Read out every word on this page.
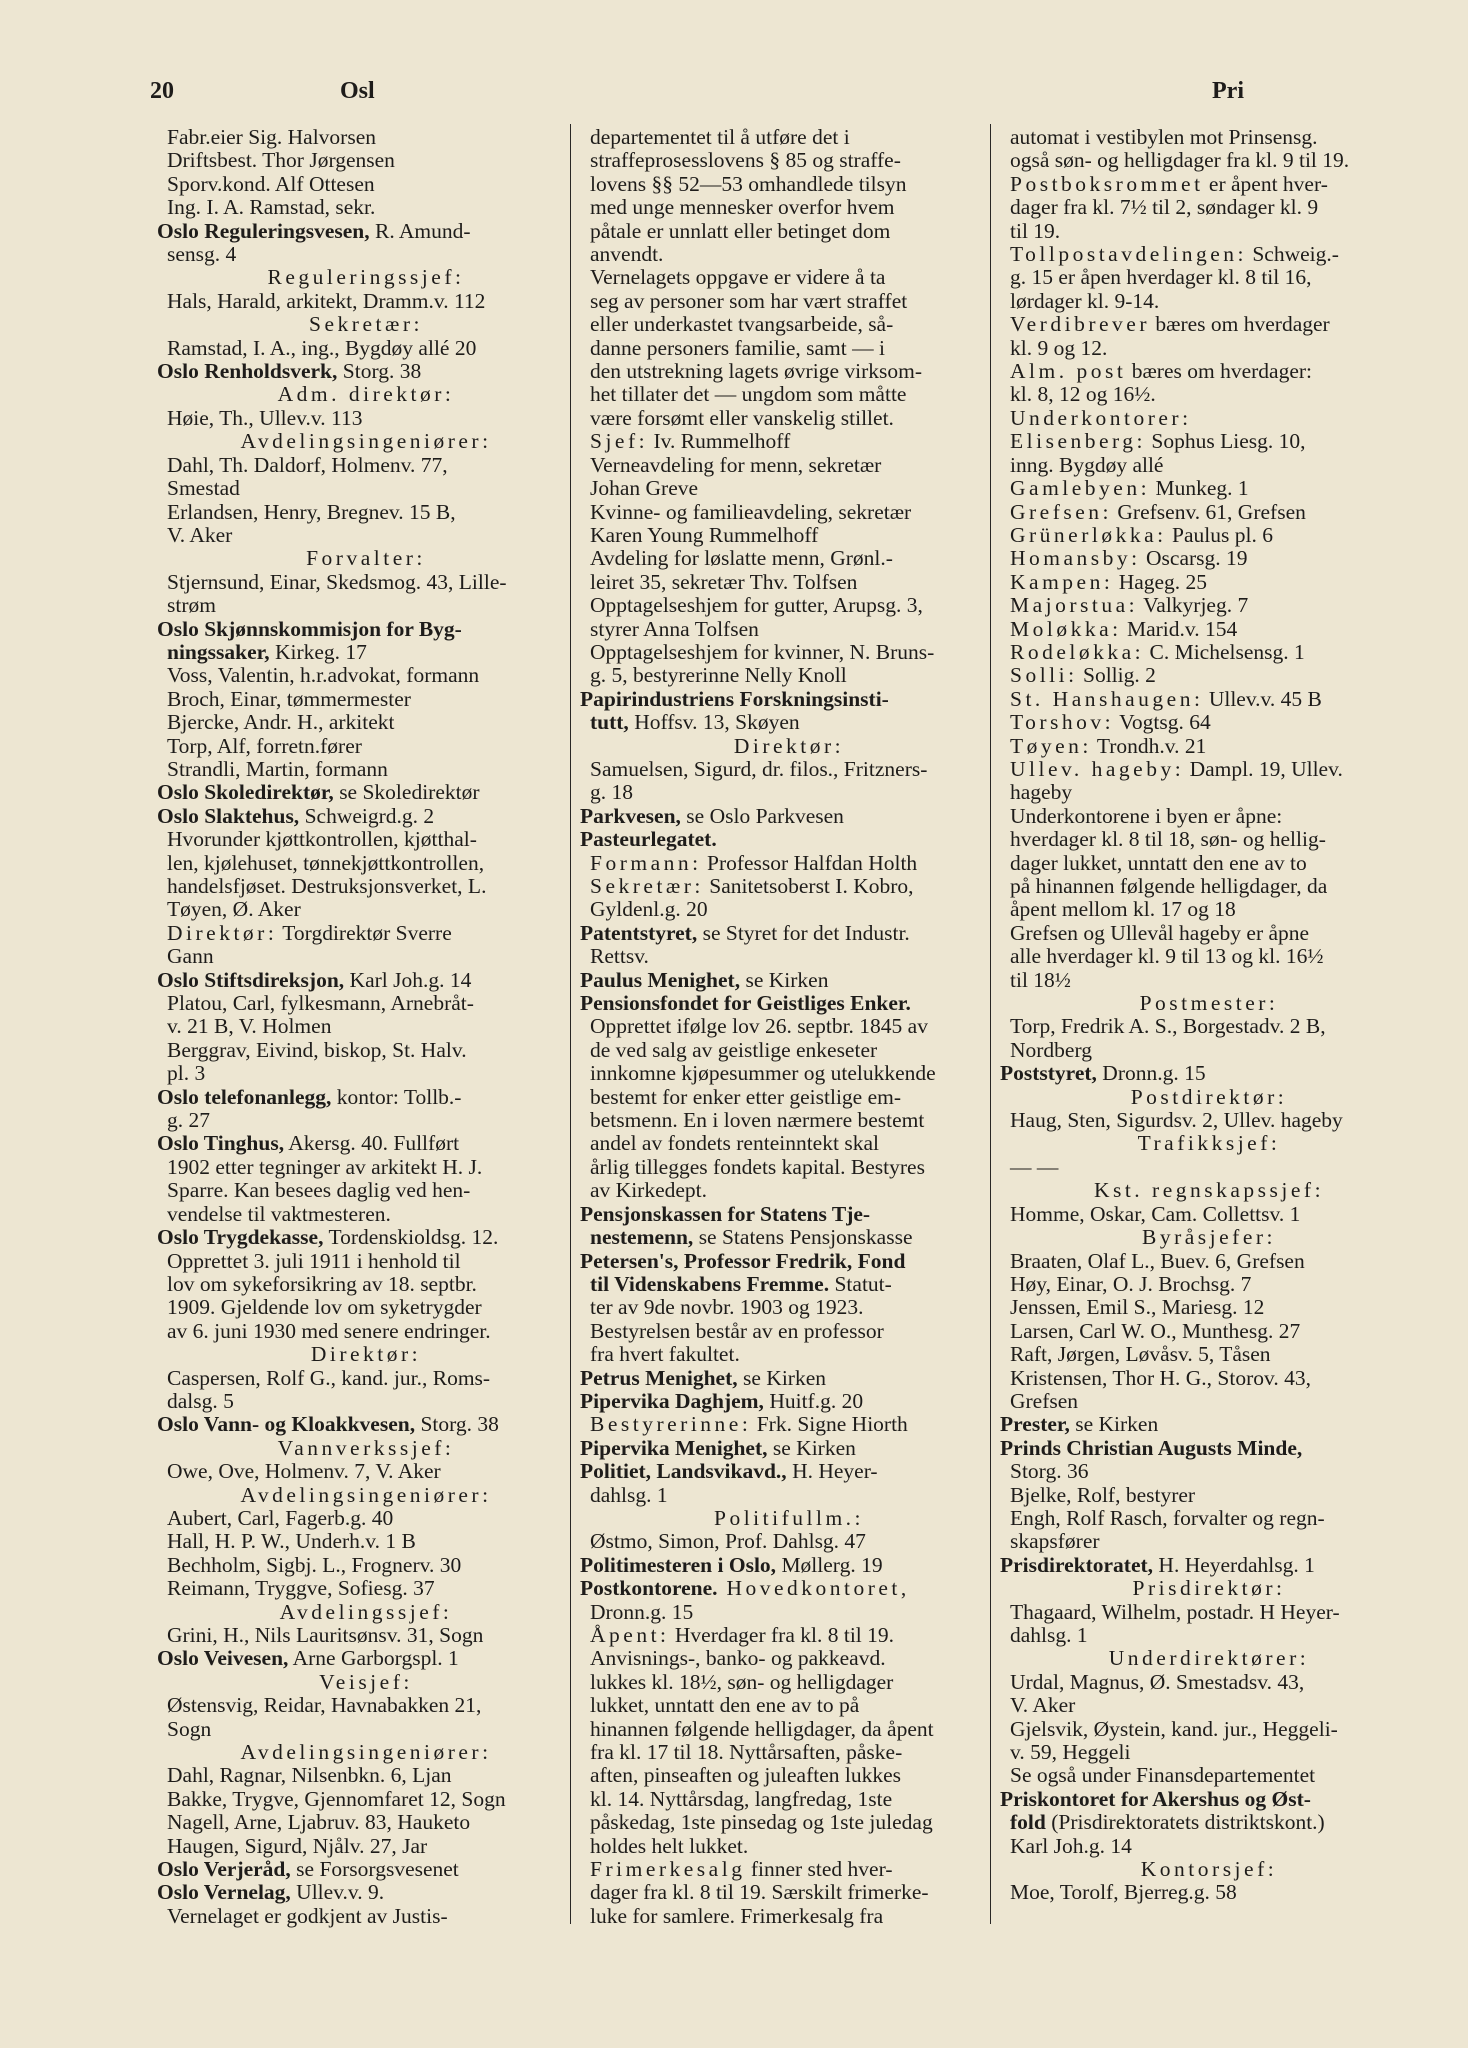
20	Osl	Pri
Fabr.eier Sig. Halvorsen
Driftsbest. Thor Jørgensen
Sporv.kond. Alf Ottesen
Ing. I. A. Ramstad, sekr.
Oslo Reguleringsvesen, R. Amund-
sensg. 4
Reguleringssjef:
Hals, Harald, arkitekt, Dramm.v. 112
Sekretær:
Ramstad, I. A., ing., Bygdøy allé 20
Oslo Renholdsverk, Storg. 38
Adm. direktør:
Høie, Th., Ullev.v. 113
Avdelingsingeniører:
Dahl, Th. Daldorf, Holmenv. 77,
Smestad
Erlandsen, Henry, Bregnev. 15 B,
V. Aker
Forvalter:
Stjernsund, Einar, Skedsmog. 43, Lille-
strøm
Oslo Skjønnskommisjon for Byg-
ningssaker, Kirkeg. 17
Voss, Valentin, h.r.advokat, formann
Broch, Einar, tømmermester
Bjercke, Andr. H., arkitekt
Torp, Alf, forretn.fører
Strandli, Martin, formann
Oslo Skoledirektør, se Skoledirektør
Oslo Slaktehus, Schweigrd.g. 2
Hvorunder kjøttkontrollen, kjøtthal-
len, kjølehuset, tønnekjøttkontrollen,
handelsfjøset. Destruksjonsverket, L.
Tøyen, Ø. Aker
Direktør: Torgdirektør Sverre
Gann
Oslo Stiftsdireksjon, Karl Joh.g. 14
Platou, Carl, fylkesmann, Arnebråt-
v. 21 B, V. Holmen
Berggrav, Eivind, biskop, St. Halv.
pl. 3
Oslo telefonanlegg, kontor: Tollb.-
g. 27
Oslo Tinghus, Akersg. 40. Fullført
1902 etter tegninger av arkitekt H. J.
Sparre. Kan besees daglig ved hen-
vendelse til vaktmesteren.
Oslo Trygdekasse, Tordenskioldsg. 12.
Opprettet 3. juli 1911 i henhold til
lov om sykeforsikring av 18. septbr.
1909. Gjeldende lov om syketrygder
av 6. juni 1930 med senere endringer.
Direktør:
Caspersen, Rolf G., kand. jur., Roms-
dalsg. 5
Oslo Vann- og Kloakkvesen, Storg. 38
Vannverkssjef:
Owe, Ove, Holmenv. 7, V. Aker
Avdelingsingeniører:
Aubert, Carl, Fagerb.g. 40
Hall, H. P. W., Underh.v. 1 B
Bechholm, Sigbj. L., Frognerv. 30
Reimann, Tryggve, Sofiesg. 37
Avdelingssjef:
Grini, H., Nils Lauritsønsv. 31, Sogn
Oslo Veivesen, Arne Garborgspl. 1
Veisjef:
Østensvig, Reidar, Havnabakken 21,
Sogn
Avdelingsingeniører:
Dahl, Ragnar, Nilsenbkn. 6, Ljan
Bakke, Trygve, Gjennomfaret 12, Sogn
Nagell, Arne, Ljabruv. 83, Hauketo
Haugen, Sigurd, Njålv. 27, Jar
Oslo Verjeråd, se Forsorgsvesenet
Oslo Vernelag, Ullev.v. 9.
Vernelaget er godkjent av Justis-
departementet til å utføre det i
straffeprosesslovens § 85 og straffe-
lovens §§ 52—53 omhandlede tilsyn
med unge mennesker overfor hvem
påtale er unnlatt eller betinget dom
anvendt.
Vernelagets oppgave er videre å ta
seg av personer som har vært straffet
eller underkastet tvangsarbeide, så-
danne personers familie, samt — i
den utstrekning lagets øvrige virksom-
het tillater det — ungdom som måtte
være forsømt eller vanskelig stillet.
Sjef: Iv. Rummelhoff
Verneavdeling for menn, sekretær
Johan Greve
Kvinne- og familieavdeling, sekretær
Karen Young Rummelhoff
Avdeling for løslatte menn, Grønl.-
leiret 35, sekretær Thv. Tolfsen
Opptagelseshjem for gutter, Arupsg. 3,
styrer Anna Tolfsen
Opptagelseshjem for kvinner, N. Bruns-
g. 5, bestyrerinne Nelly Knoll
Papirindustriens Forskningsinsti-
tutt, Hoffsv. 13, Skøyen
Direktør:
Samuelsen, Sigurd, dr. filos., Fritzners-
g. 18
Parkvesen, se Oslo Parkvesen
Pasteurlegatet.
Formann: Professor Halfdan Holth
Sekretær: Sanitetsoberst I. Kobro,
Gyldenl.g. 20
Patentstyret, se Styret for det Industr.
Rettsv.
Paulus Menighet, se Kirken
Pensionsfondet for Geistliges Enker.
Opprettet ifølge lov 26. septbr. 1845 av
de ved salg av geistlige enkeseter
innkomne kjøpesummer og utelukkende
bestemt for enker etter geistlige em-
betsmenn. En i loven nærmere bestemt
andel av fondets renteinntekt skal
årlig tillegges fondets kapital. Bestyres
av Kirkedept.
Pensjonskassen for Statens Tje-
nestemenn, se Statens Pensjonskasse
Petersen's, Professor Fredrik, Fond
til Videnskabens Fremme. Statut-
ter av 9de novbr. 1903 og 1923.
Bestyrelsen består av en professor
fra hvert fakultet.
Petrus Menighet, se Kirken
Pipervika Daghjem, Huitf.g. 20
Bestyrerinne: Frk. Signe Hiorth
Pipervika Menighet, se Kirken
Politiet, Landsvikavd., H. Heyer-
dahlsg. 1
Politifullm.:
Østmo, Simon, Prof. Dahlsg. 47
Politimesteren i Oslo, Møllerg. 19
Postkontorene. Hovedkontoret,
Dronn.g. 15
Åpent: Hverdager fra kl. 8 til 19.
Anvisnings-, banko- og pakkeavd.
lukkes kl. 18½, søn- og helligdager
lukket, unntatt den ene av to på
hinannen følgende helligdager, da åpent
fra kl. 17 til 18. Nyttårsaften, påske-
aften, pinseaften og juleaften lukkes
kl. 14. Nyttårsdag, langfredag, 1ste
påskedag, 1ste pinsedag og 1ste juledag
holdes helt lukket.
Frimerkesalg finner sted hver-
dager fra kl. 8 til 19. Særskilt frimerke-
luke for samlere. Frimerkesalg fra
automat i vestibylen mot Prinsensg.
også søn- og helligdager fra kl. 9 til 19.
Postboksrommet er åpent hver-
dager fra kl. 7½ til 2, søndager kl. 9
til 19.
Tollpostavdelingen: Schweig.-
g. 15 er åpen hverdager kl. 8 til 16,
lørdager kl. 9-14.
Verdibrever bæres om hverdager
kl. 9 og 12.
Alm. post bæres om hverdager:
kl. 8, 12 og 16½.
Underkontorer:
Elisenberg: Sophus Liesg. 10,
inng. Bygdøy allé
Gamlebyen: Munkeg. 1
Grefsen: Grefsenv. 61, Grefsen
Grünerløkka: Paulus pl. 6
Homansby: Oscarsg. 19
Kampen: Hageg. 25
Majorstua: Valkyrjeg. 7
Moløkka: Marid.v. 154
Rodeløkka: C. Michelsensg. 1
Solli: Sollig. 2
St. Hanshaugen: Ullev.v. 45 B
Torshov: Vogtsg. 64
Tøyen: Trondh.v. 21
Ullev. hageby: Dampl. 19, Ullev.
hageby
Underkontorene i byen er åpne:
hverdager kl. 8 til 18, søn- og hellig-
dager lukket, unntatt den ene av to
på hinannen følgende helligdager, da
åpent mellom kl. 17 og 18
Grefsen og Ullevål hageby er åpne
alle hverdager kl. 9 til 13 og kl. 16½
til 18½
Postmester:
Torp, Fredrik A. S., Borgestadv. 2 B,
Nordberg
Poststyret, Dronn.g. 15
Postdirektør:
Haug, Sten, Sigurdsv. 2, Ullev. hageby
Trafikksjef:
— —
Kst. regnskapssjef:
Homme, Oskar, Cam. Collettsv. 1
Byråsjefer:
Braaten, Olaf L., Buev. 6, Grefsen
Høy, Einar, O. J. Brochsg. 7
Jenssen, Emil S., Mariesg. 12
Larsen, Carl W. O., Munthesg. 27
Raft, Jørgen, Løvåsv. 5, Tåsen
Kristensen, Thor H. G., Storov. 43,
Grefsen
Prester, se Kirken
Prinds Christian Augusts Minde,
Storg. 36
Bjelke, Rolf, bestyrer
Engh, Rolf Rasch, forvalter og regn-
skapsfører
Prisdirektoratet, H. Heyerdahlsg. 1
Prisdirektør:
Thagaard, Wilhelm, postadr. H Heyer-
dahlsg. 1
Underdirektører:
Urdal, Magnus, Ø. Smestadsv. 43,
V. Aker
Gjelsvik, Øystein, kand. jur., Heggeli-
v. 59, Heggeli
Se også under Finansdepartementet
Priskontoret for Akershus og Øst-
fold (Prisdirektoratets distriktskont.)
Karl Joh.g. 14
Kontorsjef:
Moe, Torolf, Bjerreg.g. 58
